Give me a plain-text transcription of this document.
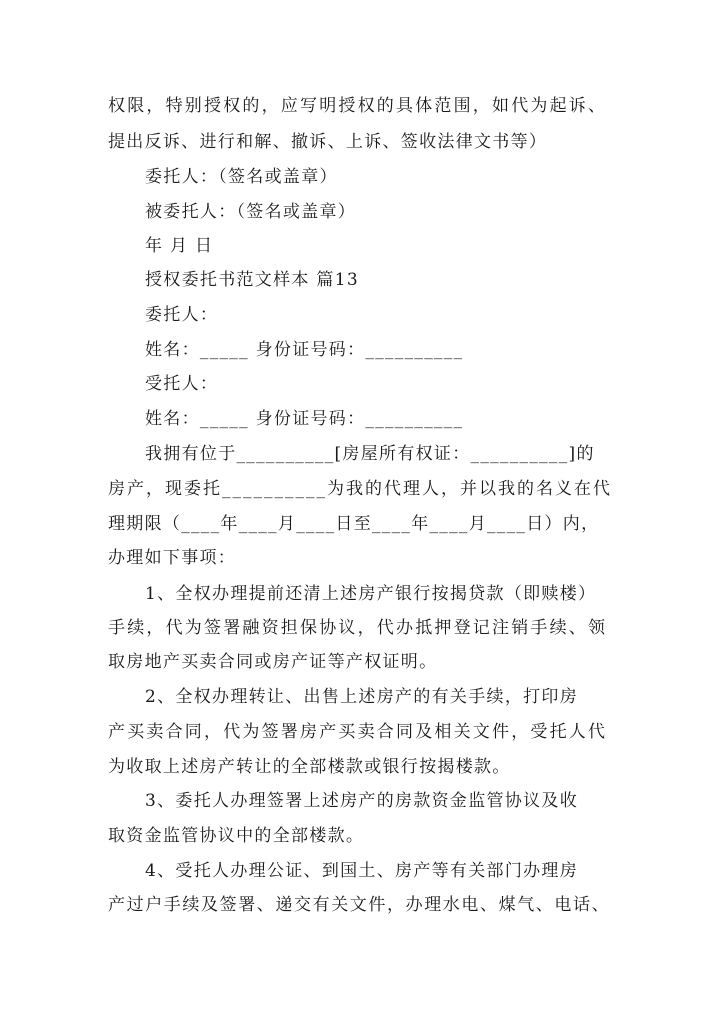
权限，特别授权的，应写明授权的具体范围，如代为起诉、
提出反诉、进行和解、撤诉、上诉、签收法律文书等）
委托人：（签名或盖章）
被委托人：（签名或盖章）
年 月 日
授权委托书范文样本 篇13
委托人：
姓名：_____ 身份证号码：__________
受托人：
姓名：_____ 身份证号码：__________
我拥有位于__________[房屋所有权证：__________]的
房产，现委托__________为我的代理人，并以我的名义在代
理期限（____年____月____日至____年____月____日）内，
办理如下事项：
1、全权办理提前还清上述房产银行按揭贷款（即赎楼）
手续，代为签署融资担保协议，代办抵押登记注销手续、领
取房地产买卖合同或房产证等产权证明。
2、全权办理转让、出售上述房产的有关手续，打印房
产买卖合同，代为签署房产买卖合同及相关文件，受托人代
为收取上述房产转让的全部楼款或银行按揭楼款。
3、委托人办理签署上述房产的房款资金监管协议及收
取资金监管协议中的全部楼款。
4、受托人办理公证、到国土、房产等有关部门办理房
产过户手续及签署、递交有关文件，办理水电、煤气、电话、
